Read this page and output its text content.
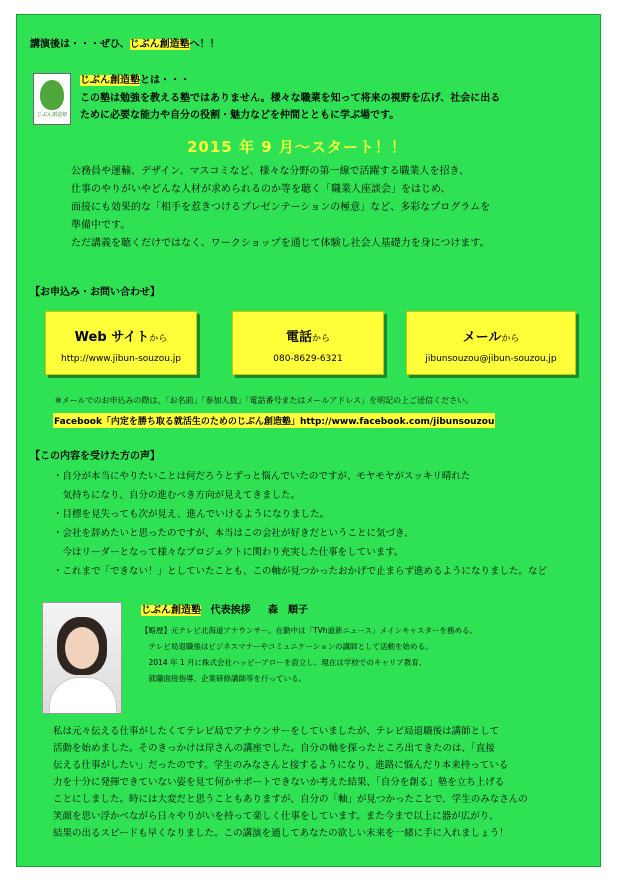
講演後は・・・ぜひ、じぶん創造塾へ！！
じぶん創造塾
じぶん創造塾とは・・・
この塾は勉強を教える塾ではありません。様々な職業を知って将来の視野を広げ、社会に出る
ために必要な能力や自分の役割・魅力などを仲間とともに学ぶ場です。
2015 年 9 月～スタート！！
公務員や運輸、デザイン、マスコミなど、様々な分野の第一線で活躍する職業人を招き、
仕事のやりがいやどんな人材が求められるのか等を聴く「職業人座談会」をはじめ、
面接にも効果的な「相手を惹きつけるプレゼンテーションの極意」など、多彩なプログラムを
準備中です。
ただ講義を聴くだけではなく、ワークショップを通じて体験し社会人基礎力を身につけます。
【お申込み・お問い合わせ】
Web サイトから
http://www.jibun-souzou.jp
電話から
080-8629-6321
メールから
jibunsouzou@jibun-souzou.jp
※メールでのお申込みの際は、「お名前」「参加人数」「電話番号またはメールアドレス」を明記の上ご送信ください。
Facebook「内定を勝ち取る就活生のためのじぶん創造塾」http://www.facebook.com/jibunsouzou
【この内容を受けた方の声】
・自分が本当にやりたいことは何だろうとずっと悩んでいたのですが、モヤモヤがスッキリ晴れた
　気持ちになり、自分の進むべき方向が見えてきました。
・目標を見失っても次が見え、進んでいけるようになりました。
・会社を辞めたいと思ったのですが、本当はこの会社が好きだということに気づき、
　今はリーダーとなって様々なプロジェクトに関わり充実した仕事をしています。
・これまで「できない！」としていたことも、この軸が見つかったおかげで止まらず進めるようになりました。など
じぶん創造塾 代表挨拶 森　順子
【略歴】元テレビ北海道アナウンサー。在勤中は「TVh道新ニュース」メインキャスターを務める。
　テレビ局退職後はビジネスマナーやコミュニケーションの講師として活動を始める。
　2014 年 1 月に株式会社ハッピーアローを設立し、現在は学校でのキャリア教育、
　就職面接指導、企業研修講師等を行っている。
私は元々伝える仕事がしたくてテレビ局でアナウンサーをしていましたが、テレビ局退職後は講師として
活動を始めました。そのきっかけは岸さんの講座でした。自分の軸を探ったところ出てきたのは、「直接
伝える仕事がしたい」だったのです。学生のみなさんと接するようになり、進路に悩んだり本来持っている
力を十分に発揮できていない姿を見て何かサポートできないか考えた結果、「自分を創る」塾を立ち上げる
ことにしました。時には大変だと思うこともありますが、自分の「軸」が見つかったことで、学生のみなさんの
笑顔を思い浮かべながら日々やりがいを持って楽しく仕事をしています。また今まで以上に器が広がり、
結果の出るスピードも早くなりました。この講演を通してあなたの欲しい未来を一緒に手に入れましょう！
